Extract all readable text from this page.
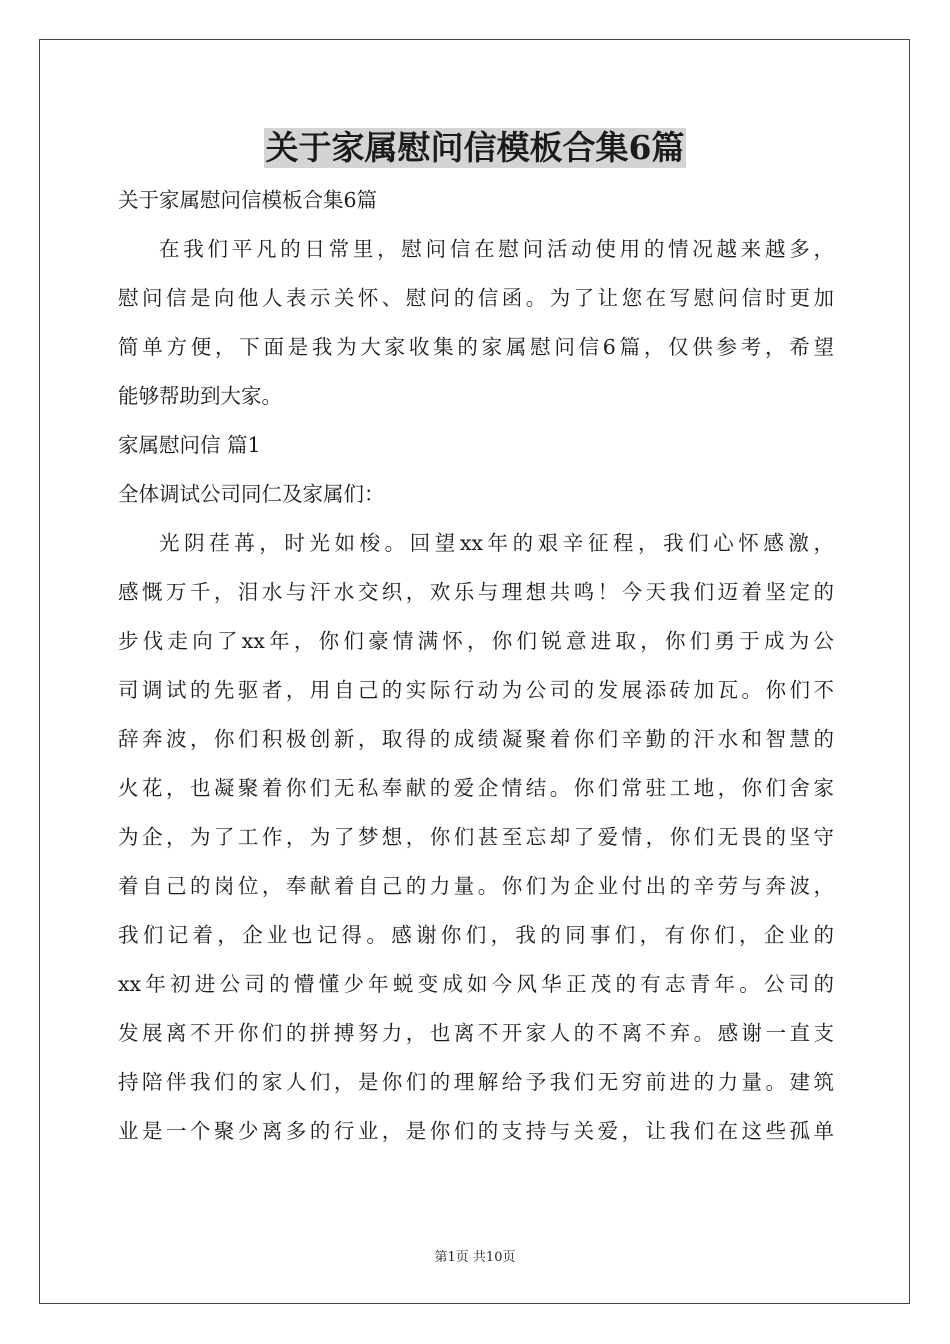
关于家属慰问信模板合集6篇
关于家属慰问信模板合集6篇
在我们平凡的日常里，慰问信在慰问活动使用的情况越来越多，
慰问信是向他人表示关怀、慰问的信函。为了让您在写慰问信时更加
简单方便，下面是我为大家收集的家属慰问信6篇，仅供参考，希望
能够帮助到大家。
家属慰问信 篇1
全体调试公司同仁及家属们：
光阴荏苒，时光如梭。回望xx年的艰辛征程，我们心怀感激，
感慨万千，泪水与汗水交织，欢乐与理想共鸣！今天我们迈着坚定的
步伐走向了xx年，你们豪情满怀，你们锐意进取，你们勇于成为公
司调试的先驱者，用自己的实际行动为公司的发展添砖加瓦。你们不
辞奔波，你们积极创新，取得的成绩凝聚着你们辛勤的汗水和智慧的
火花，也凝聚着你们无私奉献的爱企情结。你们常驻工地，你们舍家
为企，为了工作，为了梦想，你们甚至忘却了爱情，你们无畏的坚守
着自己的岗位，奉献着自己的力量。你们为企业付出的辛劳与奔波，
我们记着，企业也记得。感谢你们，我的同事们，有你们，企业的
xx年初进公司的懵懂少年蜕变成如今风华正茂的有志青年。公司的
发展离不开你们的拼搏努力，也离不开家人的不离不弃。感谢一直支
持陪伴我们的家人们，是你们的理解给予我们无穷前进的力量。建筑
业是一个聚少离多的行业，是你们的支持与关爱，让我们在这些孤单
第1页 共10页
